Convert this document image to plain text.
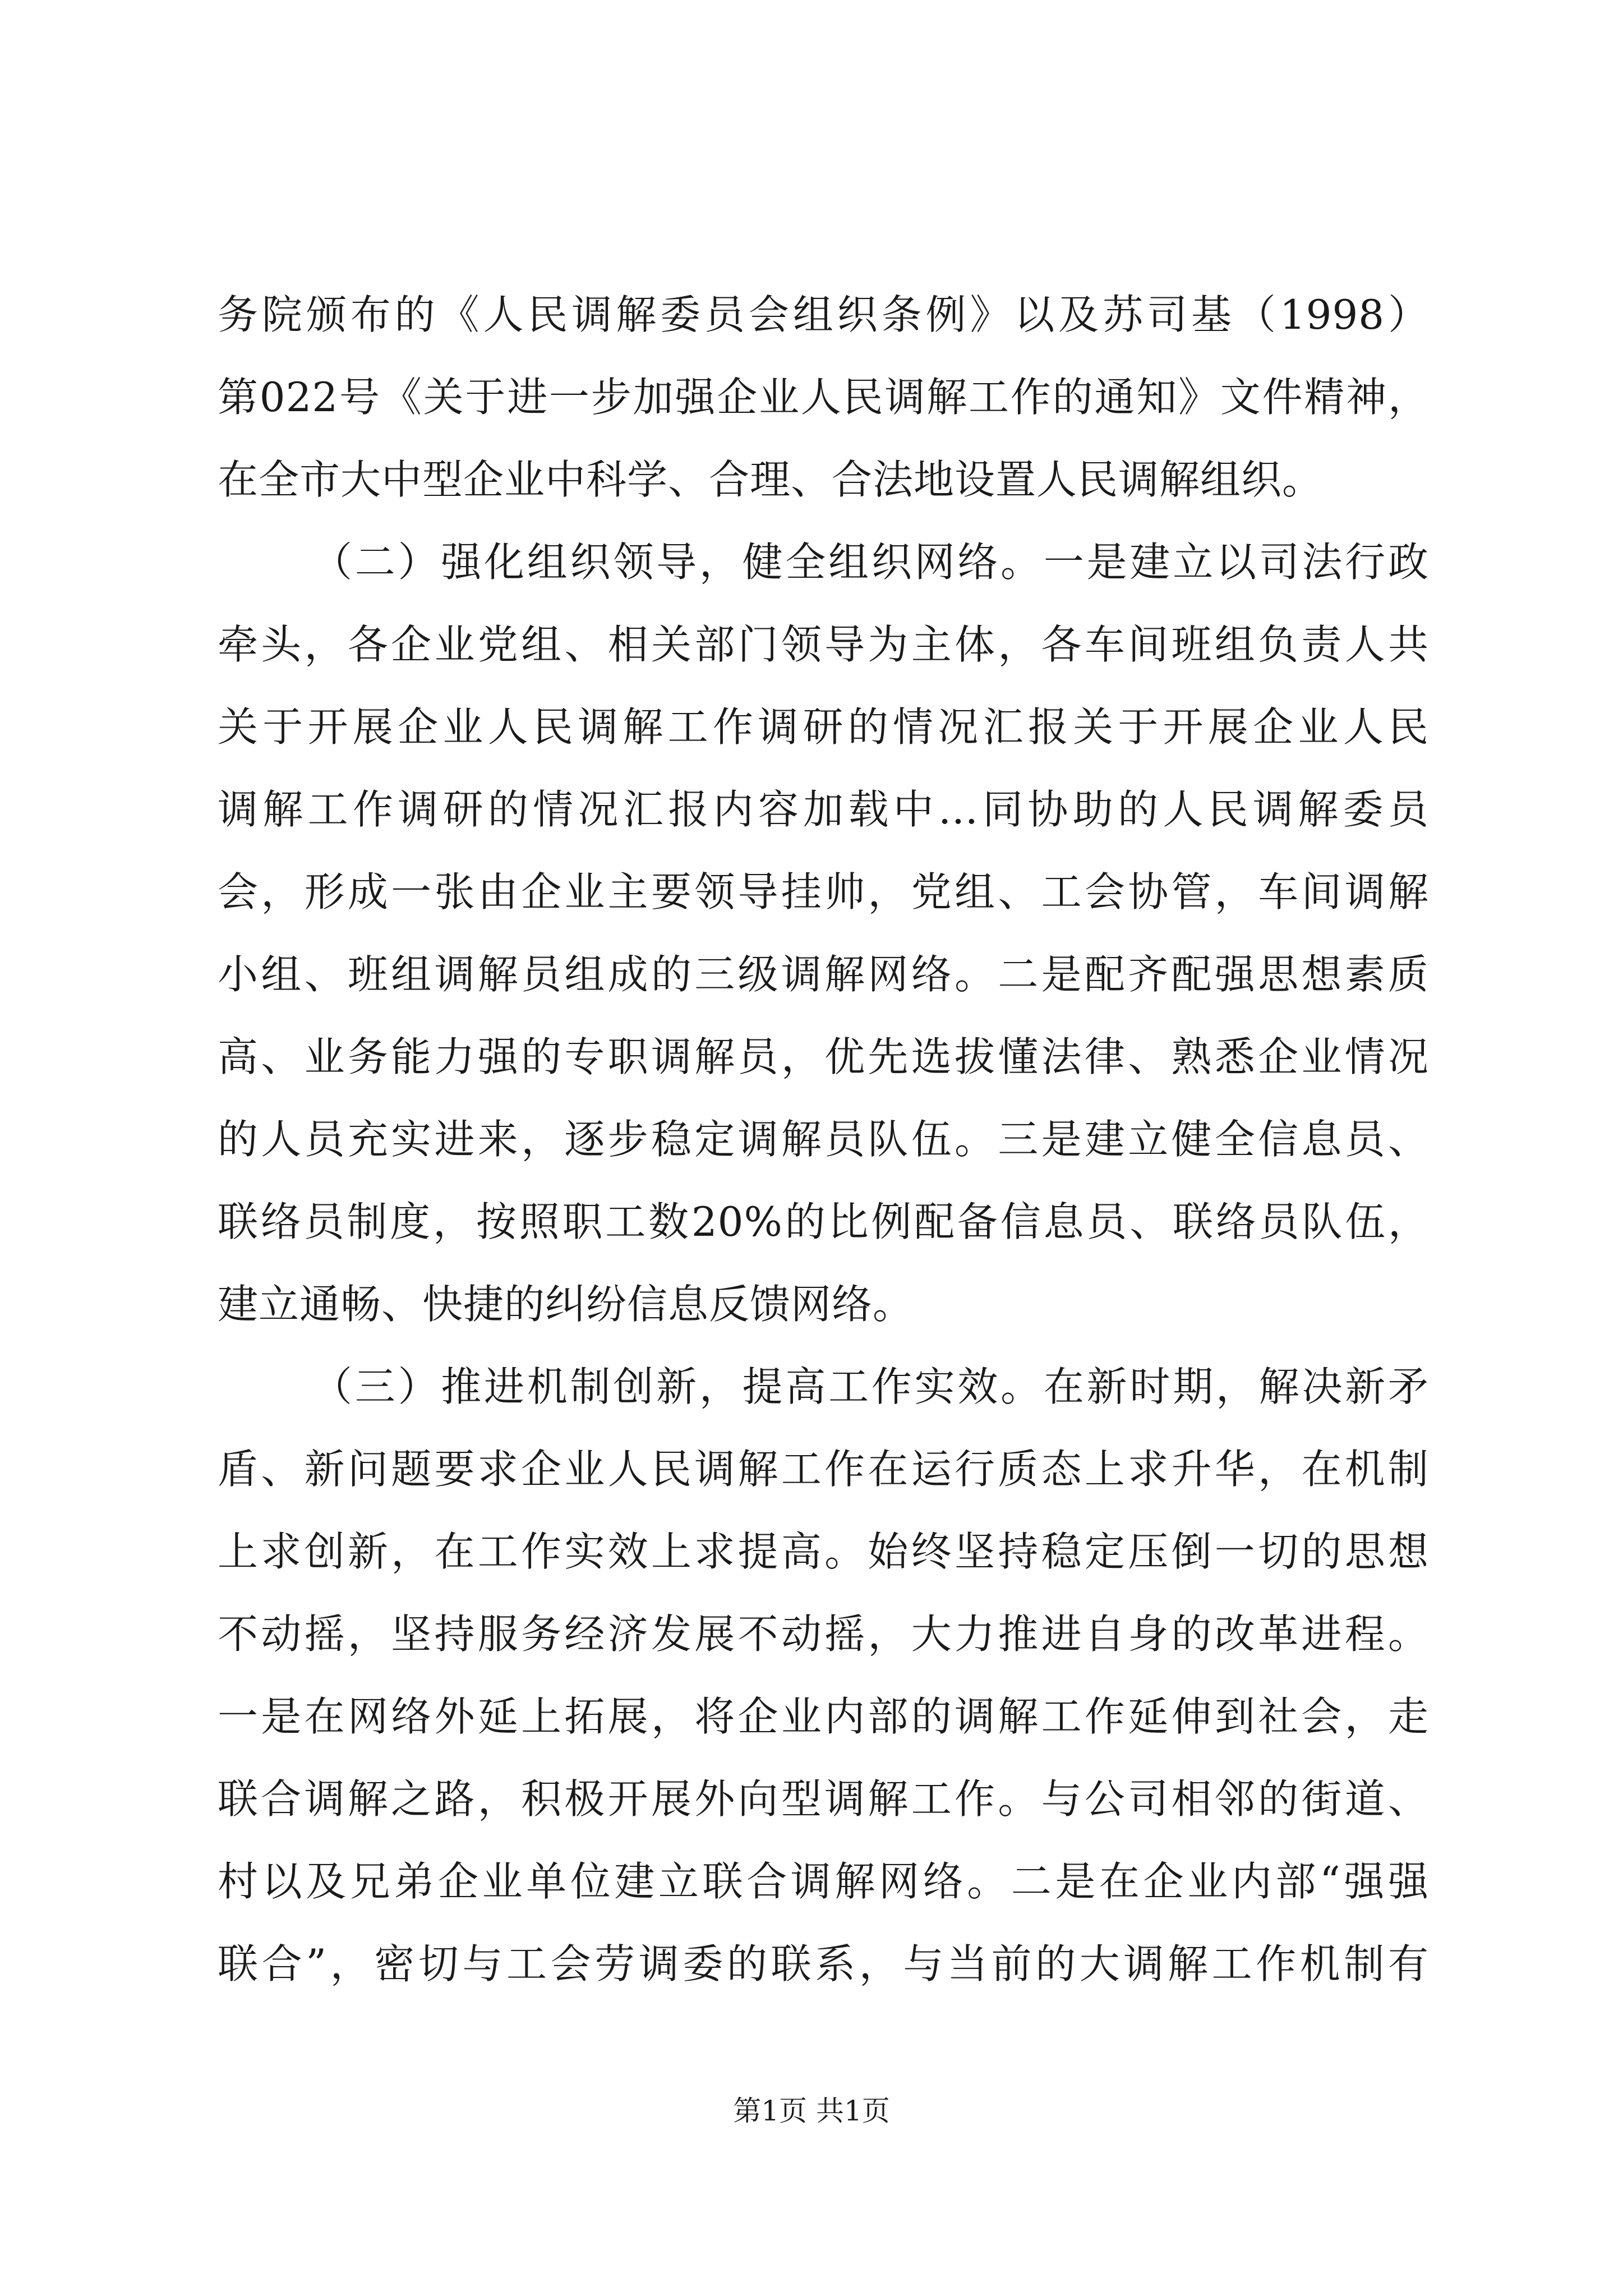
务院颁布的《人民调解委员会组织条例》以及苏司基（1998）
第022号《关于进一步加强企业人民调解工作的通知》文件精神，
在全市大中型企业中科学、合理、合法地设置人民调解组织。
（二）强化组织领导，健全组织网络。一是建立以司法行政
牵头，各企业党组、相关部门领导为主体，各车间班组负责人共
关于开展企业人民调解工作调研的情况汇报关于开展企业人民
调解工作调研的情况汇报内容加载中...同协助的人民调解委员
会，形成一张由企业主要领导挂帅，党组、工会协管，车间调解
小组、班组调解员组成的三级调解网络。二是配齐配强思想素质
高、业务能力强的专职调解员，优先选拔懂法律、熟悉企业情况
的人员充实进来，逐步稳定调解员队伍。三是建立健全信息员、
联络员制度，按照职工数20%的比例配备信息员、联络员队伍，
建立通畅、快捷的纠纷信息反馈网络。
（三）推进机制创新，提高工作实效。在新时期，解决新矛
盾、新问题要求企业人民调解工作在运行质态上求升华，在机制
上求创新，在工作实效上求提高。始终坚持稳定压倒一切的思想
不动摇，坚持服务经济发展不动摇，大力推进自身的改革进程。
一是在网络外延上拓展，将企业内部的调解工作延伸到社会，走
联合调解之路，积极开展外向型调解工作。与公司相邻的街道、
村以及兄弟企业单位建立联合调解网络。二是在企业内部“强强
联合”，密切与工会劳调委的联系，与当前的大调解工作机制有
第1页 共1页
